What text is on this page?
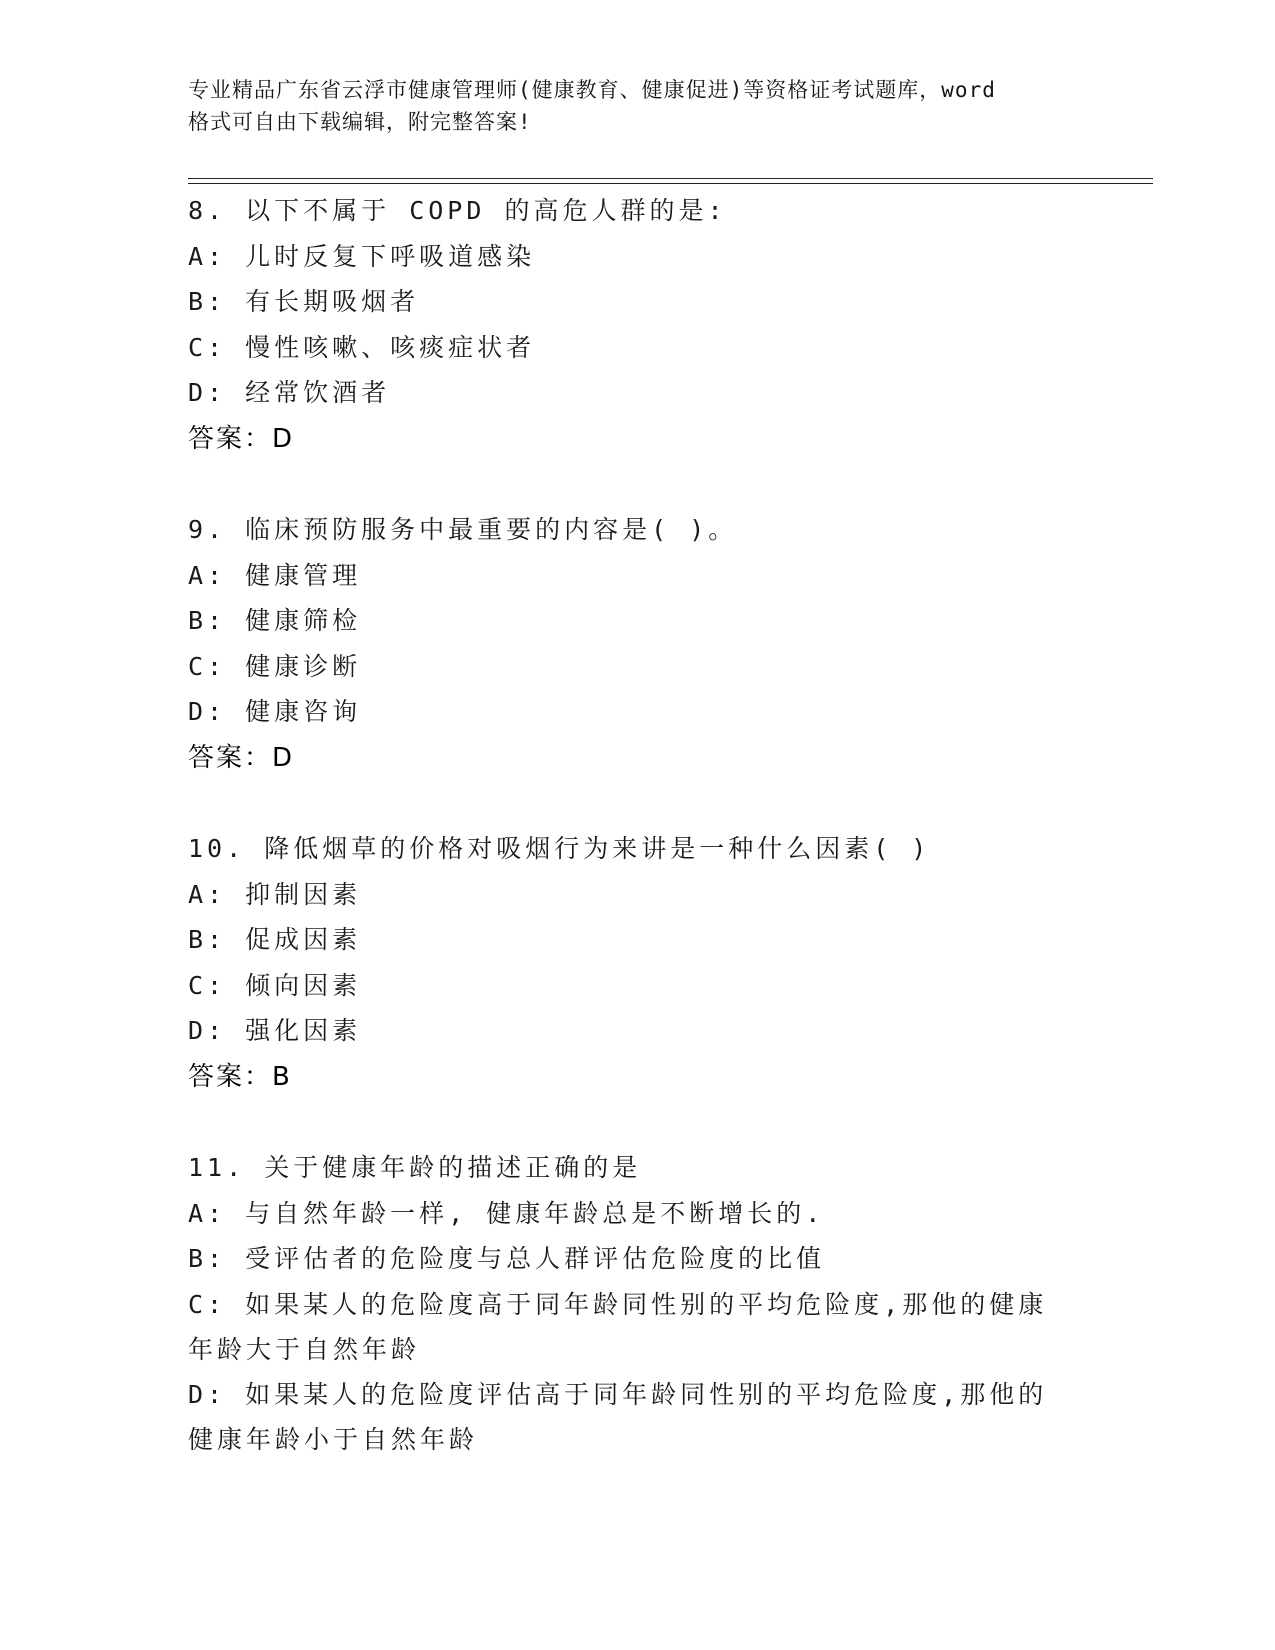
专业精品广东省云浮市健康管理师(健康教育、健康促进)等资格证考试题库，word
格式可自由下载编辑，附完整答案!
8. 以下不属于 COPD 的高危人群的是:
A: 儿时反复下呼吸道感染
B: 有长期吸烟者
C: 慢性咳嗽、咳痰症状者
D: 经常饮酒者
答案：D
9. 临床预防服务中最重要的内容是( )。
A: 健康管理
B: 健康筛检
C: 健康诊断
D: 健康咨询
答案：D
10. 降低烟草的价格对吸烟行为来讲是一种什么因素( )
A: 抑制因素
B: 促成因素
C: 倾向因素
D: 强化因素
答案：B
11. 关于健康年龄的描述正确的是
A: 与自然年龄一样, 健康年龄总是不断增长的.
B: 受评估者的危险度与总人群评估危险度的比值
C: 如果某人的危险度高于同年龄同性别的平均危险度,那他的健康年龄大于自然年龄
D: 如果某人的危险度评估高于同年龄同性别的平均危险度,那他的健康年龄小于自然年龄
